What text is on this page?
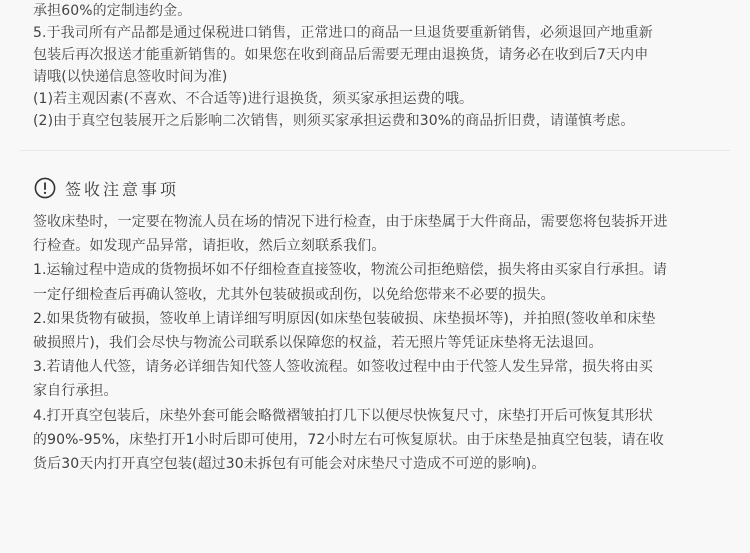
承担60%的定制违约金。
5.于我司所有产品都是通过保税进口销售，正常进口的商品一旦退货要重新销售，必须退回产地重新
包装后再次报送才能重新销售的。如果您在收到商品后需要无理由退换货，请务必在收到后7天内申
请哦(以快递信息签收时间为准)
(1)若主观因素(不喜欢、不合适等)进行退换货，须买家承担运费的哦。
(2)由于真空包装展开之后影响二次销售，则须买家承担运费和30%的商品折旧费，请谨慎考虑。
签收注意事项
签收床垫时，一定要在物流人员在场的情况下进行检查，由于床垫属于大件商品，需要您将包装拆开进
行检查。如发现产品异常，请拒收，然后立刻联系我们。
1.运输过程中造成的货物损坏如不仔细检查直接签收，物流公司拒绝赔偿，损失将由买家自行承担。请
一定仔细检查后再确认签收，尤其外包装破损或刮伤，以免给您带来不必要的损失。
2.如果货物有破损，签收单上请详细写明原因(如床垫包装破损、床垫损坏等)，并拍照(签收单和床垫
破损照片)，我们会尽快与物流公司联系以保障您的权益，若无照片等凭证床垫将无法退回。
3.若请他人代签，请务必详细告知代签人签收流程。如签收过程中由于代签人发生异常，损失将由买
家自行承担。
4.打开真空包装后，床垫外套可能会略微褶皱拍打几下以便尽快恢复尺寸，床垫打开后可恢复其形状
的90%-95%，床垫打开1小时后即可使用，72小时左右可恢复原状。由于床垫是抽真空包装，请在收
货后30天内打开真空包装(超过30未拆包有可能会对床垫尺寸造成不可逆的影响)。
